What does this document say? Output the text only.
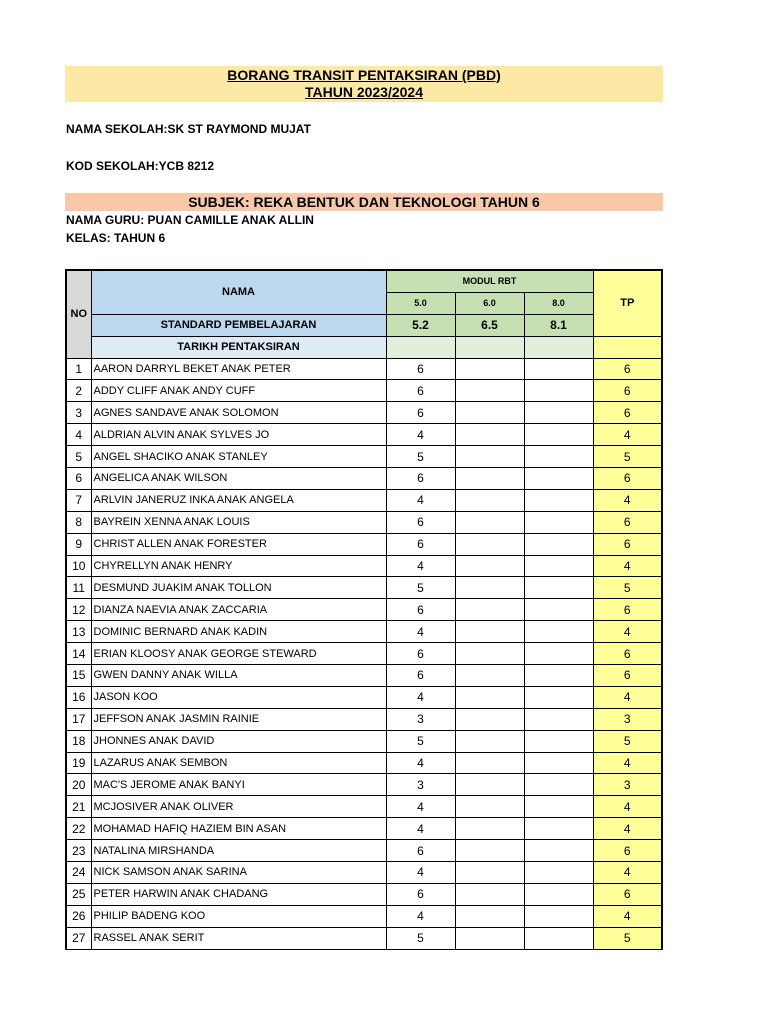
BORANG TRANSIT PENTAKSIRAN (PBD)
TAHUN 2023/2024
NAMA SEKOLAH:SK ST RAYMOND MUJAT
KOD SEKOLAH:YCB 8212
SUBJEK: REKA BENTUK DAN TEKNOLOGI TAHUN 6
NAMA GURU: PUAN CAMILLE ANAK ALLIN
KELAS: TAHUN 6
NO	NAMA	MODUL RBT			TP
		5.0	6.0	8.0	
	STANDARD PEMBELAJARAN	5.2	6.5	8.1	
	TARIKH PENTAKSIRAN				
1	AARON DARRYL BEKET ANAK PETER	6			6
2	ADDY CLIFF ANAK ANDY CUFF	6			6
3	AGNES SANDAVE ANAK SOLOMON	6			6
4	ALDRIAN ALVIN ANAK SYLVES JO	4			4
5	ANGEL SHACIKO ANAK STANLEY	5			5
6	ANGELICA ANAK WILSON	6			6
7	ARLVIN JANERUZ INKA ANAK ANGELA	4			4
8	BAYREIN XENNA ANAK LOUIS	6			6
9	CHRIST ALLEN ANAK FORESTER	6			6
10	CHYRELLYN ANAK HENRY	4			4
11	DESMUND JUAKIM ANAK TOLLON	5			5
12	DIANZA NAEVIA ANAK ZACCARIA	6			6
13	DOMINIC BERNARD ANAK KADIN	4			4
14	ERIAN KLOOSY ANAK GEORGE STEWARD	6			6
15	GWEN DANNY ANAK WILLA	6			6
16	JASON KOO	4			4
17	JEFFSON ANAK JASMIN RAINIE	3			3
18	JHONNES ANAK DAVID	5			5
19	LAZARUS ANAK SEMBON	4			4
20	MAC'S JEROME ANAK BANYI	3			3
21	MCJOSIVER ANAK OLIVER	4			4
22	MOHAMAD HAFIQ HAZIEM BIN ASAN	4			4
23	NATALINA MIRSHANDA	6			6
24	NICK SAMSON ANAK SARINA	4			4
25	PETER HARWIN ANAK CHADANG	6			6
26	PHILIP BADENG KOO	4			4
27	RASSEL ANAK SERIT	5			5
